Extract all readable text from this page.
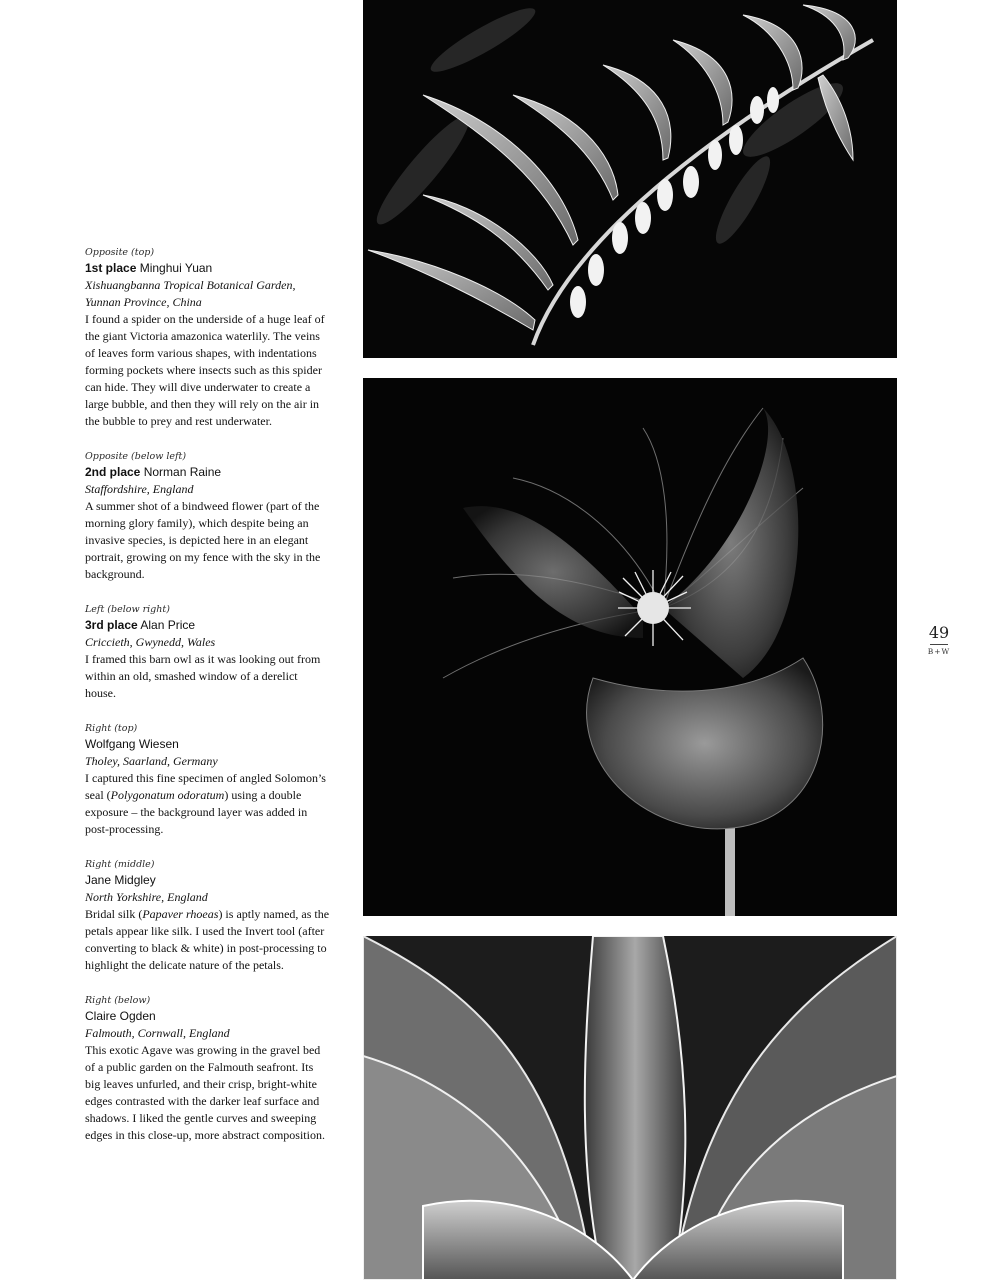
Opposite (top)
1st place Minghui Yuan
Xishuangbanna Tropical Botanical Garden, Yunnan Province, China
I found a spider on the underside of a huge leaf of the giant Victoria amazonica waterlily. The veins of leaves form various shapes, with indentations forming pockets where insects such as this spider can hide. They will dive underwater to create a large bubble, and then they will rely on the air in the bubble to prey and rest underwater.
Opposite (below left)
2nd place Norman Raine
Staffordshire, England
A summer shot of a bindweed flower (part of the morning glory family), which despite being an invasive species, is depicted here in an elegant portrait, growing on my fence with the sky in the background.
Left (below right)
3rd place Alan Price
Criccieth, Gwynedd, Wales
I framed this barn owl as it was looking out from within an old, smashed window of a derelict house.
Right (top)
Wolfgang Wiesen
Tholey, Saarland, Germany
I captured this fine specimen of angled Solomon’s seal (Polygonatum odoratum) using a double exposure – the background layer was added in post-processing.
Right (middle)
Jane Midgley
North Yorkshire, England
Bridal silk (Papaver rhoeas) is aptly named, as the petals appear like silk. I used the Invert tool (after converting to black & white) in post-processing to highlight the delicate nature of the petals.
Right (below)
Claire Ogden
Falmouth, Cornwall, England
This exotic Agave was growing in the gravel bed of a public garden on the Falmouth seafront. Its big leaves unfurled, and their crisp, bright-white edges contrasted with the darker leaf surface and shadows. I liked the gentle curves and sweeping edges in this close-up, more abstract composition.
49
B+W
